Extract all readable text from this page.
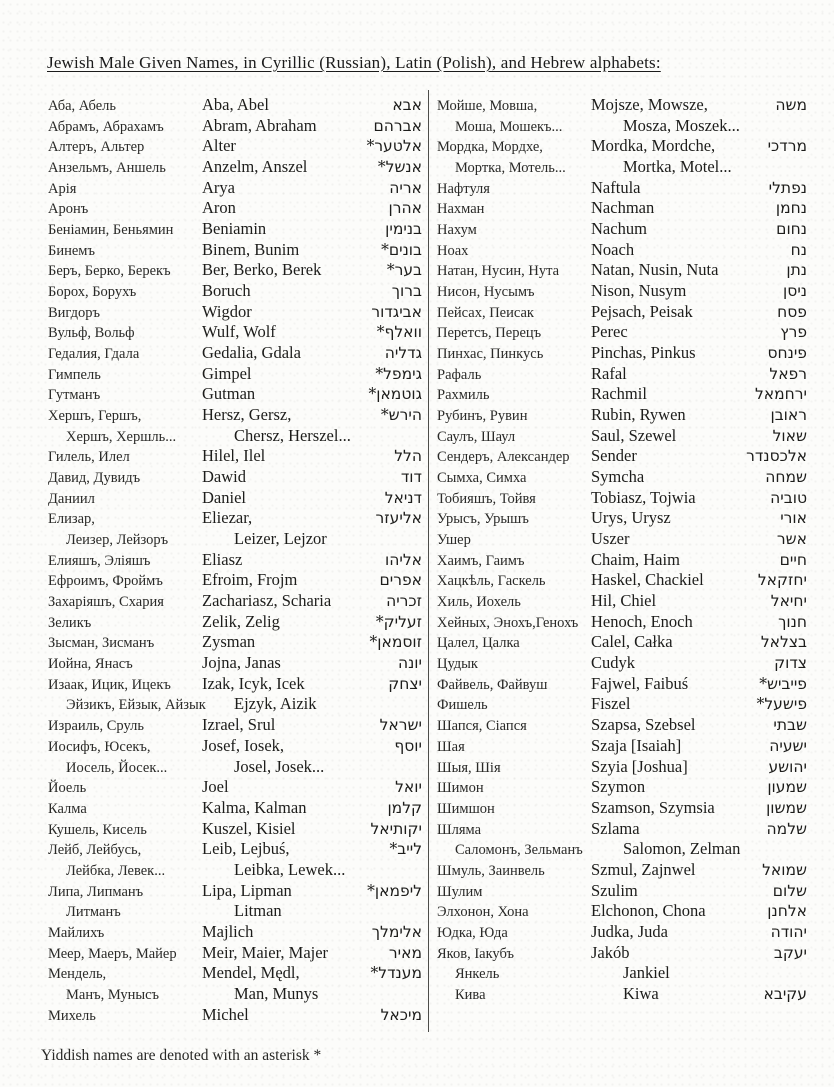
Jewish Male Given Names, in Cyrillic (Russian), Latin (Polish), and Hebrew alphabets:
Аба, Абель	Aba, Abel	אבא
Абрамъ, Абрахамъ	Abram, Abraham	אברהם
Алтеръ, Альтер	Alter	אלטער*
Анзельмъ, Аншель	Anzelm, Anszel	אנשל*
Арія	Arya	אריה
Аронъ	Aron	אהרן
Беніамин, Беньямин	Beniamin	בנימין
Бинемъ	Binem, Bunim	בונים*
Беръ, Берко, Берекъ	Ber, Berko, Berek	בער*
Борох, Борухъ	Boruch	ברוך
Вигдоръ	Wigdor	אביגדור
Вульф, Вольф	Wulf, Wolf	וואלף*
Гедалия, Гдала	Gedalia, Gdala	גדליה
Гимпель	Gimpel	גימפל*
Гутманъ	Gutman	גוטמאן*
Хершъ, Гершъ,	Hersz, Gersz,	הירש*
Хершъ, Хершль...	Chersz, Herszel...
Гилель, Илел	Hilel, Ilel	הלל
Давид, Дувидъ	Dawid	דוד
Даниил	Daniel	דניאל
Елизар,	Eliezar,	אליעזר
Леизер, Лейзоръ	Leizer, Lejzor
Елияшъ, Эліяшъ	Eliasz	אליהו
Ефроимъ, Фроймъ	Efroim, Frojm	אפרים
Захаріяшъ, Схария	Zachariasz, Scharia	זכריה
Зеликъ	Zelik, Zelig	זעליק*
Зысман, Зисманъ	Zysman	זוסמאן*
Иойна, Янасъ	Jojna, Janas	יונה
Изаак, Ицик, Ицекъ	Izak, Icyk, Icek	יצחק
Эйзикъ, Ейзык, Айзык	Ejzyk, Aizik
Израиль, Сруль	Izrael, Srul	ישראל
Иосифъ, Юсекъ,	Josef, Iosek,	יוסף
Иосель, Йосек...	Josel, Josek...
Йоель	Joel	יואל
Калма	Kalma, Kalman	קלמן
Кушель, Кисель	Kuszel, Kisiel	יקותיאל
Лейб, Лейбусь,	Leib, Lejbuś,	לייב*
Лейбка, Левек...	Leibka, Lewek...
Липа, Липманъ	Lipa, Lipman	ליפמאן*
Литманъ	Litman
Майлихъ	Majlich	אלימלך
Меер, Маеръ, Майер	Meir, Maier, Majer	מאיר
Мендель,	Mendel, Mędl,	מענדל*
Манъ, Мунысъ	Man, Munys
Михель	Michel	מיכאל
Мойше, Мовша,	Mojsze, Mowsze,	משה
Моша, Мошекъ...	Mosza, Moszek...
Мордка, Мордхе,	Mordka, Mordche,	מרדכי
Мортка, Мотель...	Mortka, Motel...
Нафтуля	Naftula	נפתלי
Нахман	Nachman	נחמן
Нахум	Nachum	נחום
Ноах	Noach	נח
Натан, Нусин, Нута	Natan, Nusin, Nuta	נתן
Нисон, Нусымъ	Nison, Nusym	ניסן
Пейсах, Пеисак	Pejsach, Peisak	פסח
Перетсъ, Перецъ	Perec	פרץ
Пинхас, Пинкусь	Pinchas, Pinkus	פינחס
Рафаль	Rafal	רפאל
Рахмиль	Rachmil	ירחמאל
Рубинъ, Рувин	Rubin, Rywen	ראובן
Саулъ, Шаул	Saul, Szewel	שאול
Сендеръ, Александер	Sender	אלכסנדר
Сымха, Симха	Symcha	שמחה
Тобияшъ, Тойвя	Tobiasz, Tojwia	טוביה
Урысъ, Урышъ	Urys, Urysz	אורי
Ушер	Uszer	אשר
Хаимъ, Гаимъ	Chaim, Haim	חיים
Хацкѣль, Гаскель	Haskel, Chackiel	יחזקאל
Хиль, Иохель	Hil, Chiel	יחיאל
Хейных, Энохъ,Генохъ Henoch, Enoch	חנוך
Цалел, Цалка	Calel, Całka	בצלאל
Цудык	Cudyk	צדוק
Файвель, Файвуш	Fajwel, Faibuś	פייביש*
Фишель	Fiszel	פישעל*
Шапся, Сіапся	Szapsa, Szebsel	שבתי
Шая	Szaja [Isaiah]	ישעיה
Шыя, Шія	Szyia [Joshua]	יהושע
Шимон	Szymon	שמעון
Шимшон	Szamson, Szymsia	שמשון
Шляма	Szlama	שלמה
Саломонъ, Зельманъ	Salomon, Zelman
Шмуль, Заинвель	Szmul, Zajnwel	שמואל
Шулим	Szulim	שלום
Элхонон, Хона	Elchonon, Chona	אלחנן
Юдка, Юда	Judka, Juda	יהודה
Яков, Іакубъ	Jakób	יעקב
Янкель	Jankiel
Кива	Kiwa	עקיבא
Yiddish names are denoted with an asterisk *
